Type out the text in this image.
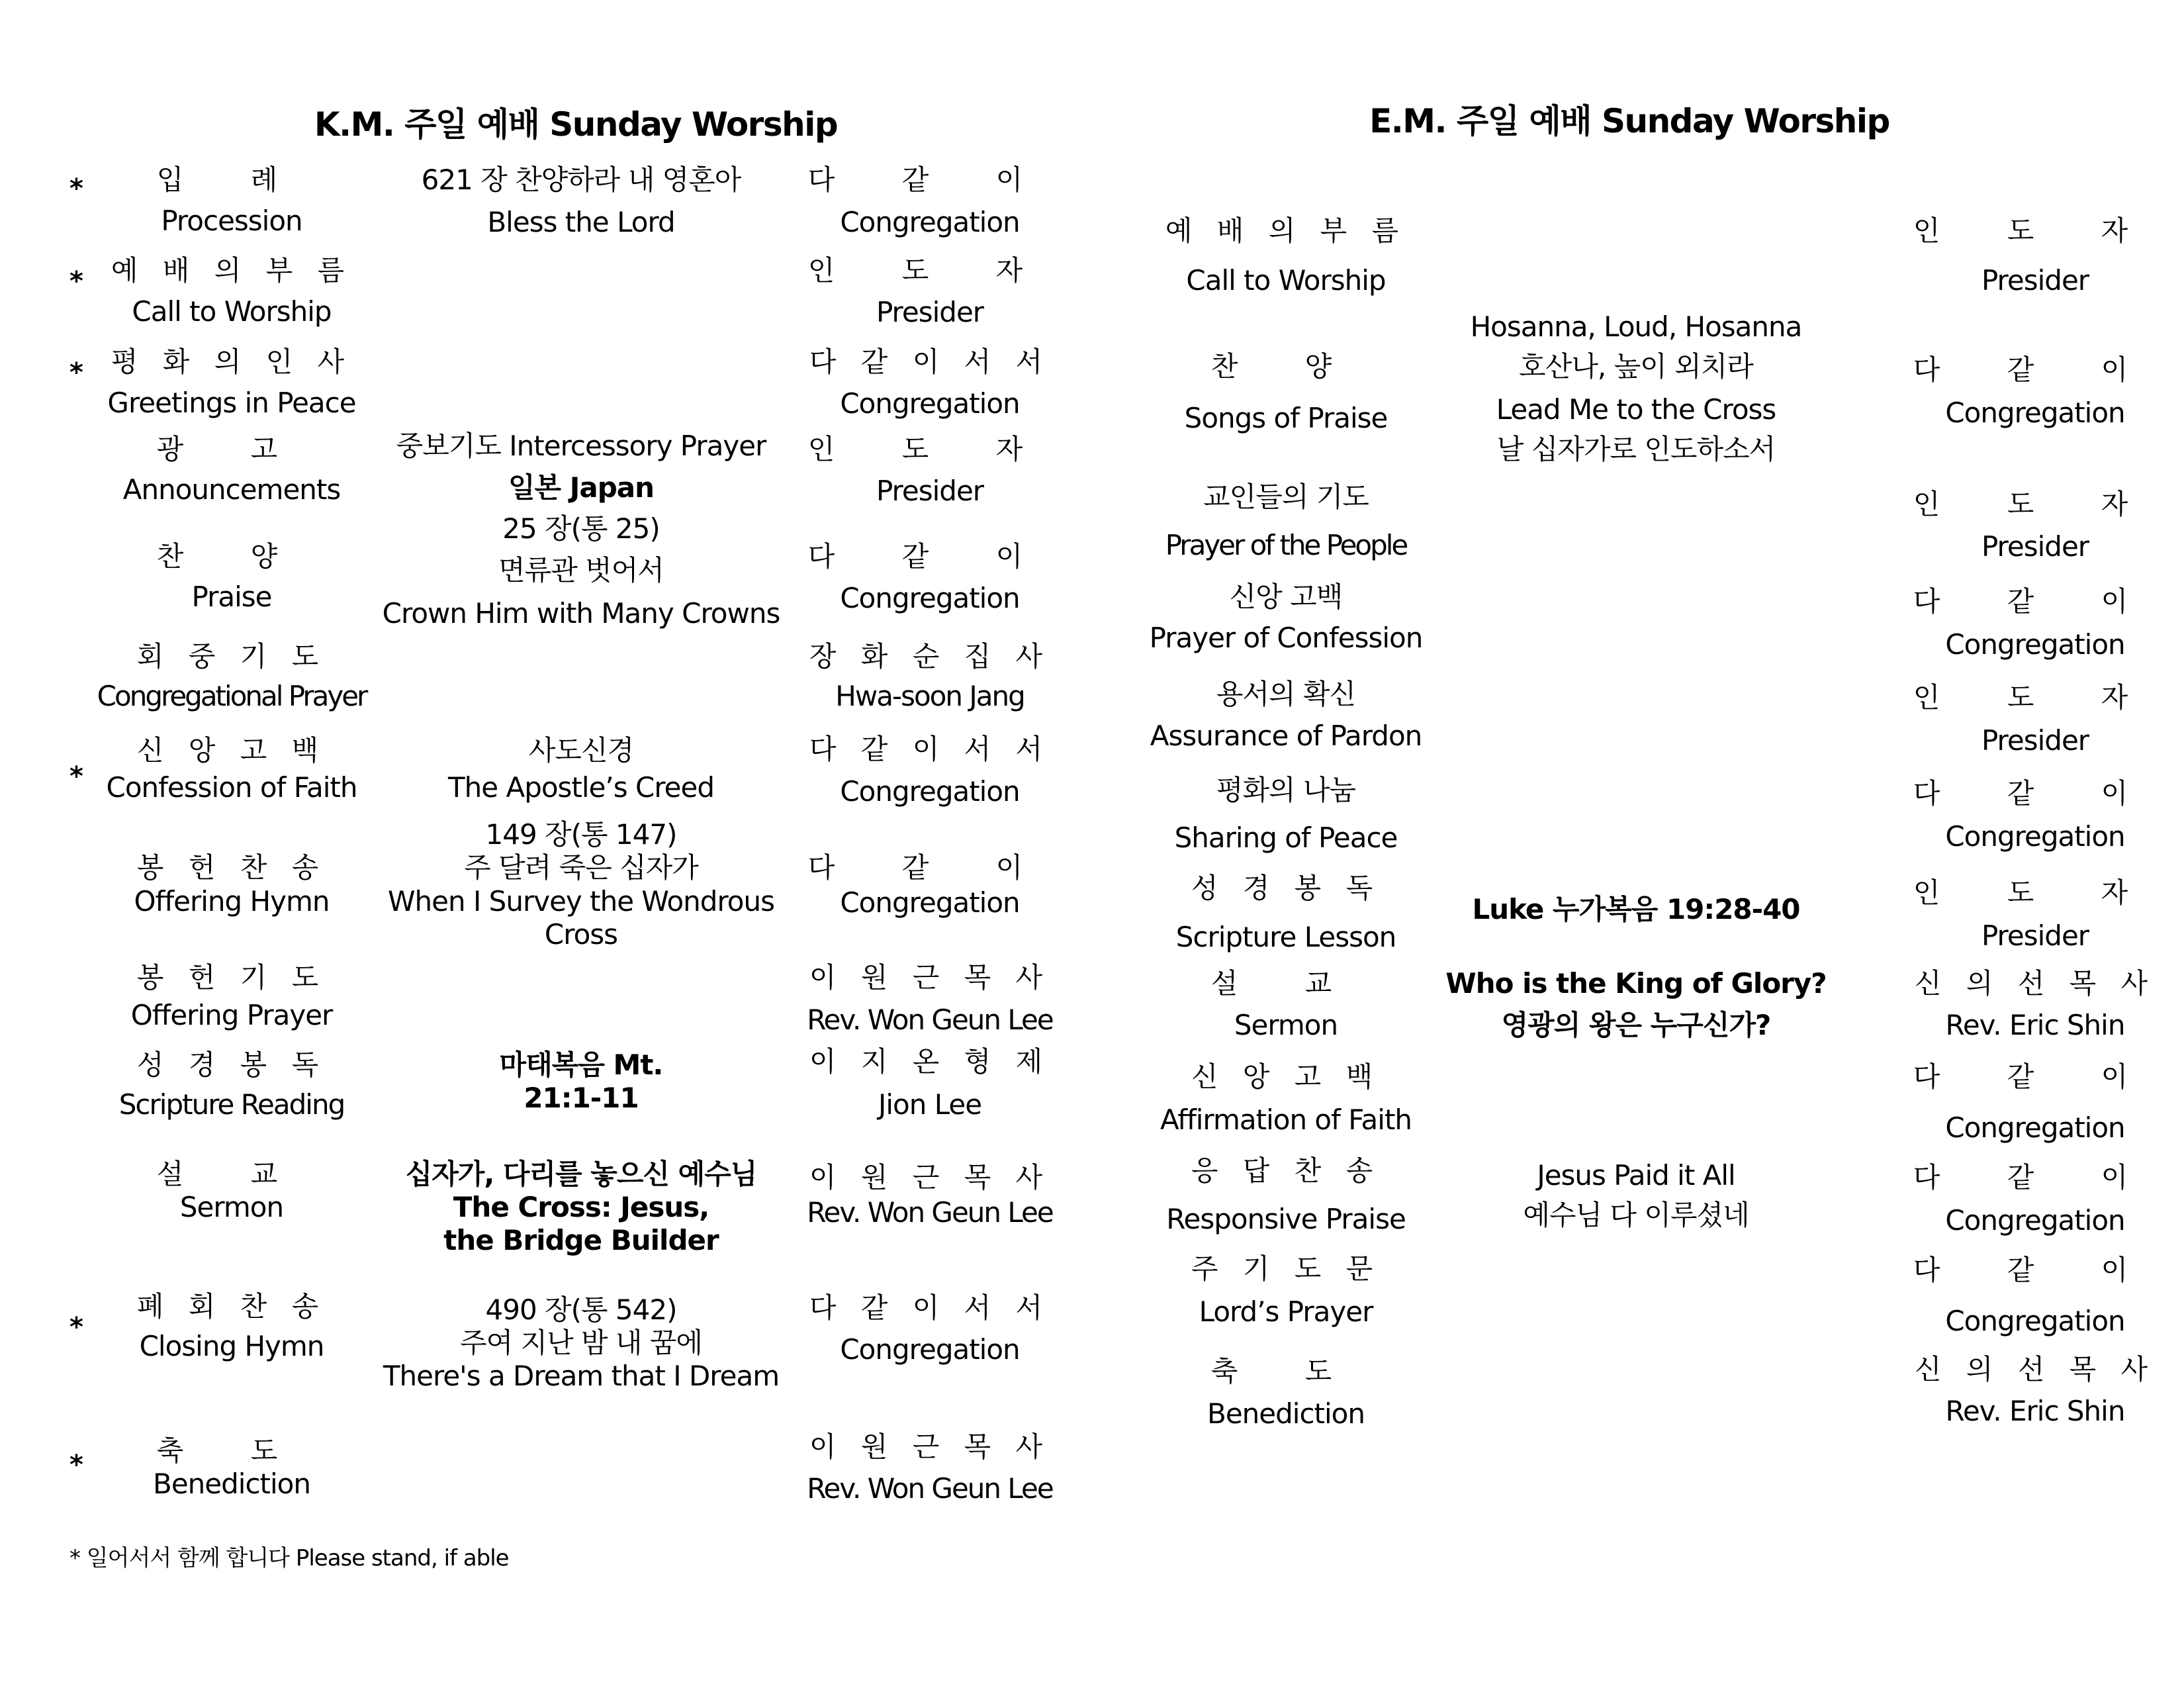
K.M. 주일 예배 Sunday Worship
*	입 례
Procession
621 장 찬양하라 내 영혼아
Bless the Lord
다 같 이
Congregation
* 예 배 의 부 름
Call to Worship
인 도 자
Presider
* 평 화 의 인 사
Greetings in Peace
다 같 이 서 서
Congregation
광 고
Announcements
중보기도 Intercessory Prayer
일본 Japan
인 도 자
Presider
찬 양
Praise
25 장(통 25)
면류관 벗어서
Crown Him with Many Crowns
다 같 이
Congregation
회 중 기 도
Congregational Prayer
장 화 순 집 사
Hwa-soon Jang
*
신 앙 고 백
Confession of Faith
사도신경
The Apostle’s Creed
다 같 이 서 서
Congregation
봉 헌 찬 송
Offering Hymn
149 장(통 147)
주 달려 죽은 십자가
When I Survey the Wondrous
Cross
다 같 이
Congregation
봉 헌 기 도
Offering Prayer
이 원 근 목 사
Rev. Won Geun Lee
성 경 봉 독
Scripture Reading
마태복음 Mt.
21:1-11
이 지 온 형 제
Jion Lee
설 교
Sermon
십자가, 다리를 놓으신 예수님
The Cross: Jesus,
the Bridge Builder
이 원 근 목 사
Rev. Won Geun Lee
*
폐 회 찬 송
Closing Hymn
490 장(통 542)
주여 지난 밤 내 꿈에
There's a Dream that I Dream
다 같 이 서 서
Congregation
*	축 도
Benediction
이 원 근 목 사
Rev. Won Geun Lee
* 일어서서 함께 합니다 Please stand, if able
E.M. 주일 예배 Sunday Worship
예 배 의 부 름
Call to Worship
인 도 자
Presider
찬 양
Songs of Praise
Hosanna, Loud, Hosanna
호산나, 높이 외치라
Lead Me to the Cross
날 십자가로 인도하소서
다 같 이
Congregation
교인들의 기도
Prayer of the People
인 도 자
Presider
신앙 고백
Prayer of Confession
다 같 이
Congregation
용서의 확신
Assurance of Pardon
인 도 자
Presider
평화의 나눔
Sharing of Peace
다 같 이
Congregation
성 경 봉 독
Scripture Lesson
Luke 누가복음 19:28-40
인 도 자
Presider
설 교
Sermon
Who is the King of Glory?
영광의 왕은 누구신가?
신 의 선 목 사
Rev. Eric Shin
신 앙 고 백
Affirmation of Faith
다 같 이
Congregation
응 답 찬 송
Responsive Praise
Jesus Paid it All
예수님 다 이루셨네
다 같 이
Congregation
주 기 도 문
Lord’s Prayer
다 같 이
Congregation
축 도
Benediction
신 의 선 목 사
Rev. Eric Shin
